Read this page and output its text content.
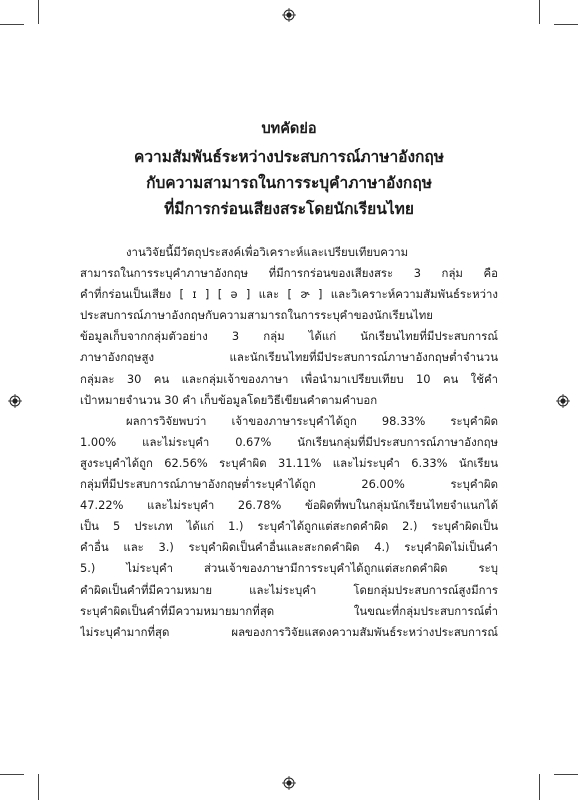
บทคัดย่อ
ความสัมพันธ์ระหว่างประสบการณ์ภาษาอังกฤษ
กับความสามารถในการระบุคำภาษาอังกฤษ
ที่มีการกร่อนเสียงสระโดยนักเรียนไทย
งานวิจัยนี้มีวัตถุประสงค์เพื่อวิเคราะห์และเปรียบเทียบความ
สามารถในการระบุคำภาษาอังกฤษ ที่มีการกร่อนของเสียงสระ 3 กลุ่ม คือ
คำที่กร่อนเป็นเสียง [ ɪ ] [ ə ] และ [ ɚ ] และวิเคราะห์ความสัมพันธ์ระหว่าง
ประสบการณ์ภาษาอังกฤษกับความสามารถในการระบุคำของนักเรียนไทย
ข้อมูลเก็บจากกลุ่มตัวอย่าง 3 กลุ่ม ได้แก่ นักเรียนไทยที่มีประสบการณ์
ภาษาอังกฤษสูง และนักเรียนไทยที่มีประสบการณ์ภาษาอังกฤษต่ำจำนวน
กลุ่มละ 30 คน และกลุ่มเจ้าของภาษา เพื่อนำมาเปรียบเทียบ 10 คน ใช้คำ
เป้าหมายจำนวน 30 คำ เก็บข้อมูลโดยวิธีเขียนคำตามคำบอก
ผลการวิจัยพบว่า เจ้าของภาษาระบุคำได้ถูก 98.33% ระบุคำผิด
1.00% และไม่ระบุคำ 0.67% นักเรียนกลุ่มที่มีประสบการณ์ภาษาอังกฤษ
สูงระบุคำได้ถูก 62.56% ระบุคำผิด 31.11% และไม่ระบุคำ 6.33% นักเรียน
กลุ่มที่มีประสบการณ์ภาษาอังกฤษต่ำระบุคำได้ถูก 26.00% ระบุคำผิด
47.22% และไม่ระบุคำ 26.78% ข้อผิดที่พบในกลุ่มนักเรียนไทยจำแนกได้
เป็น 5 ประเภท ได้แก่ 1.) ระบุคำได้ถูกแต่สะกดคำผิด 2.) ระบุคำผิดเป็น
คำอื่น และ 3.) ระบุคำผิดเป็นคำอื่นและสะกดคำผิด 4.) ระบุคำผิดไม่เป็นคำ
5.) ไม่ระบุคำ ส่วนเจ้าของภาษามีการระบุคำได้ถูกแต่สะกดคำผิด ระบุ
คำผิดเป็นคำที่มีความหมาย และไม่ระบุคำ โดยกลุ่มประสบการณ์สูงมีการ
ระบุคำผิดเป็นคำที่มีความหมายมากที่สุด ในขณะที่กลุ่มประสบการณ์ต่ำ
ไม่ระบุคำมากที่สุด ผลของการวิจัยแสดงความสัมพันธ์ระหว่างประสบการณ์
